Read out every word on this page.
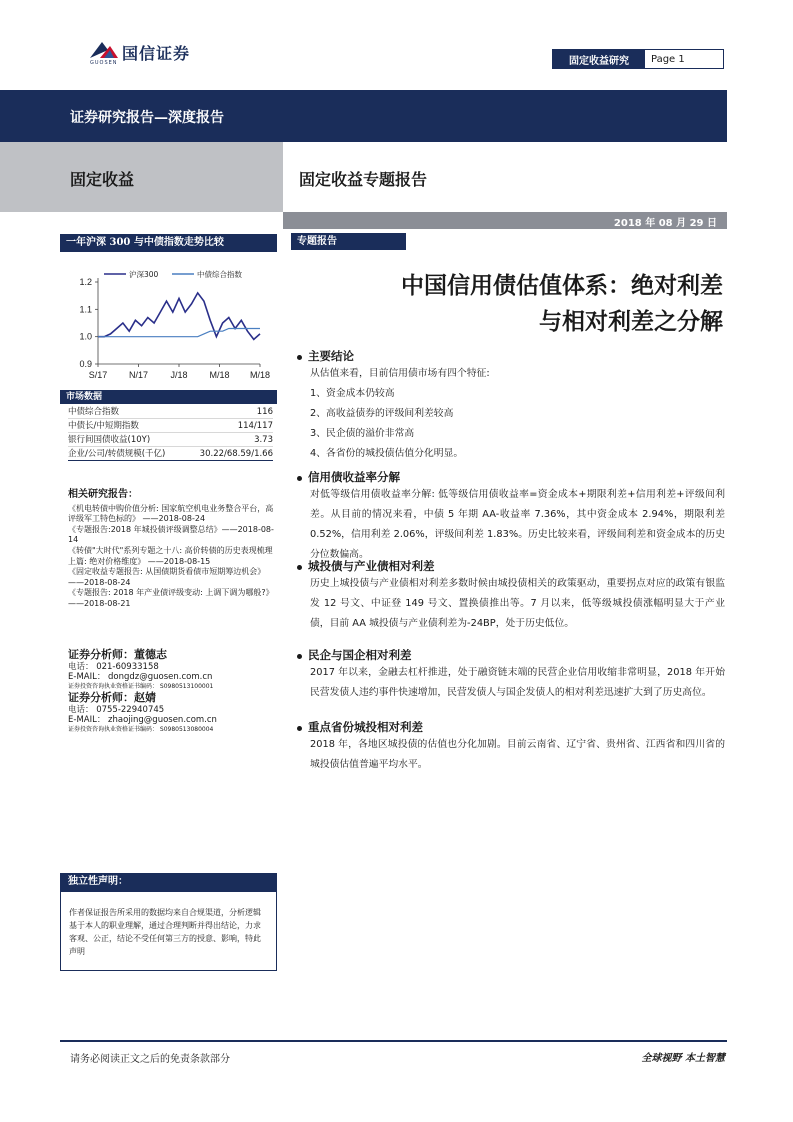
国信证券
GUOSEN	固定收益研究	Page 1
证券研究报告—深度报告
固定收益	固定收益专题报告
2018 年 08 月 29 日
一年沪深 300 与中债指数走势比较
1.2
1.1
1.0
0.9
S/17 N/17 J/18 M/18 M/18
沪深300	中债综合指数
市场数据
中债综合指数	116
中债长/中短期指数	114/117
银行间国债收益(10Y)	3.73
企业/公司/转债规模(千亿)	30.22/68.59/1.66
相关研究报告：

《机电转债中购价值分析: 国家航空机电业务整合平台，高评级军工特色标的》 ——2018-08-24

《专题报告:2018 年城投债评级调整总结》——2018-08-14

《转债"大时代"系列专题之十八: 高价转债的历史表现梳理上篇: 绝对价格维度》 ——2018-08-15

《固定收益专题报告: 从国债期货看债市短期筹边机会》 ——2018-08-24

《专题报告: 2018 年产业债评级变动: 上调下调为哪般?》 ——2018-08-21

证券分析师：董德志
电话： 021-60933158
E-MAIL： dongdz@guosen.com.cn
证券投资咨询执业资格证书编码： S0980513100001
证券分析师：赵婧
电话： 0755-22940745
E-MAIL： zhaojing@guosen.com.cn
证券投资咨询执业资格证书编码： S0980513080004
独立性声明：
作者保证报告所采用的数据均来自合规渠道，分析逻辑基于本人的职业理解，通过合理判断并得出结论，力求客观、公正，结论不受任何第三方的授意、影响，特此声明
专题报告
中国信用债估值体系：绝对利差
与相对利差之分解
主要结论
从估值来看，目前信用债市场有四个特征:
1、资金成本仍较高
2、高收益债券的评级间利差较高
3、民企债的溢价非常高
4、各省份的城投债估值分化明显。
信用债收益率分解
对低等级信用债收益率分解: 低等级信用债收益率=资金成本+期限利差+信用利差+评级间利差。从目前的情况来看，中债 5 年期 AA-收益率 7.36%，其中资金成本 2.94%，期限利差 0.52%，信用利差 2.06%，评级间利差 1.83%。历史比较来看，评级间利差和资金成本的历史分位数偏高。
城投债与产业债相对利差
历史上城投债与产业债相对利差多数时候由城投债相关的政策驱动，重要拐点对应的政策有银监发 12 号文、中证登 149 号文、置换债推出等。7 月以来，低等级城投债涨幅明显大于产业债，目前 AA 城投债与产业债利差为-24BP，处于历史低位。
民企与国企相对利差
2017 年以来，金融去杠杆推进，处于融资链末端的民营企业信用收缩非常明显，2018 年开始民营发债人违约事件快速增加，民营发债人与国企发债人的相对利差迅速扩大到了历史高位。
重点省份城投相对利差
2018 年，各地区城投债的估值也分化加剧。目前云南省、辽宁省、贵州省、江西省和四川省的城投债估值普遍平均水平。
请务必阅读正文之后的免责条款部分	全球视野 本土智慧
